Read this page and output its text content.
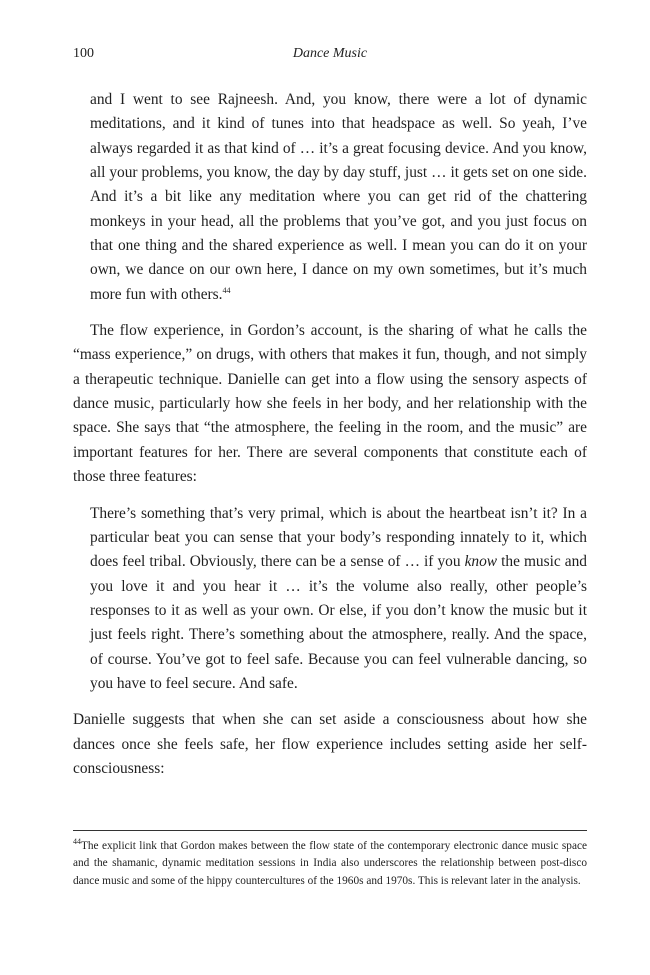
100	Dance Music

and I went to see Rajneesh. And, you know, there were a lot of dynamic meditations, and it kind of tunes into that headspace as well. So yeah, I’ve always regarded it as that kind of … it’s a great focusing device. And you know, all your problems, you know, the day by day stuff, just … it gets set on one side. And it’s a bit like any meditation where you can get rid of the chattering monkeys in your head, all the problems that you’ve got, and you just focus on that one thing and the shared experience as well. I mean you can do it on your own, we dance on our own here, I dance on my own sometimes, but it’s much more fun with others.$^{44}$

The flow experience, in Gordon’s account, is the sharing of what he calls the “mass experience,” on drugs, with others that makes it fun, though, and not simply a therapeutic technique. Danielle can get into a flow using the sensory aspects of dance music, particularly how she feels in her body, and her relationship with the space. She says that “the atmosphere, the feeling in the room, and the music” are important features for her. There are several components that constitute each of those three features:

There’s something that’s very primal, which is about the heartbeat isn’t it? In a particular beat you can sense that your body’s responding innately to it, which does feel tribal. Obviously, there can be a sense of … if you know the music and you love it and you hear it … it’s the volume also really, other people’s responses to it as well as your own. Or else, if you don’t know the music but it just feels right. There’s something about the atmosphere, really. And the space, of course. You’ve got to feel safe. Because you can feel vulnerable dancing, so you have to feel secure. And safe.

Danielle suggests that when she can set aside a consciousness about how she dances once she feels safe, her flow experience includes setting aside her self-consciousness:

$^{44}$The explicit link that Gordon makes between the flow state of the contemporary electronic dance music space and the shamanic, dynamic meditation sessions in India also underscores the relationship between post-disco dance music and some of the hippy countercultures of the 1960s and 1970s. This is relevant later in the analysis.
